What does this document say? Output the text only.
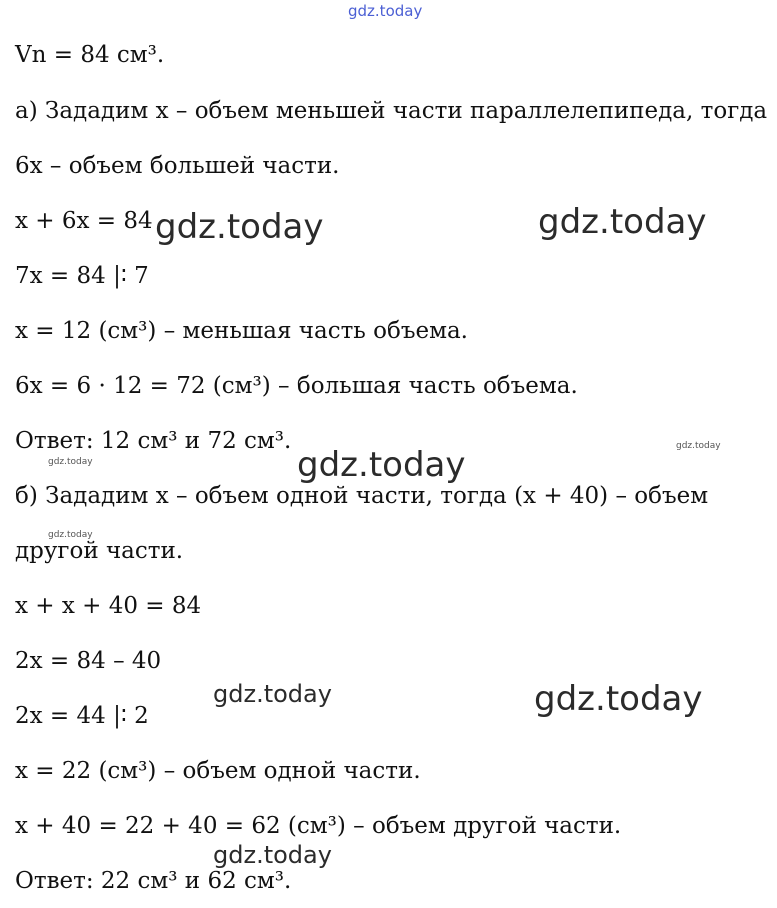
gdz.today
Vn = 84 см³.
а) Зададим x – объем меньшей части параллелепипеда, тогда
6x – объем большей части.
x + 6x = 84
7x = 84 |∶ 7
x = 12 (см³) – меньшая часть объема.
6x = 6 · 12 = 72 (см³) – большая часть объема.
Ответ: 12 см³ и 72 см³.
б) Зададим x – объем одной части, тогда (x + 40) – объем
другой части.
x + x + 40 = 84
2x = 84 – 40
2x = 44 |∶ 2
x = 22 (см³) – объем одной части.
x + 40 = 22 + 40 = 62 (см³) – объем другой части.
Ответ: 22 см³ и 62 см³.
gdz.today	gdz.today
gdz.today	gdz.today
gdz.today
gdz.today
gdz.today	gdz.today
gdz.today
